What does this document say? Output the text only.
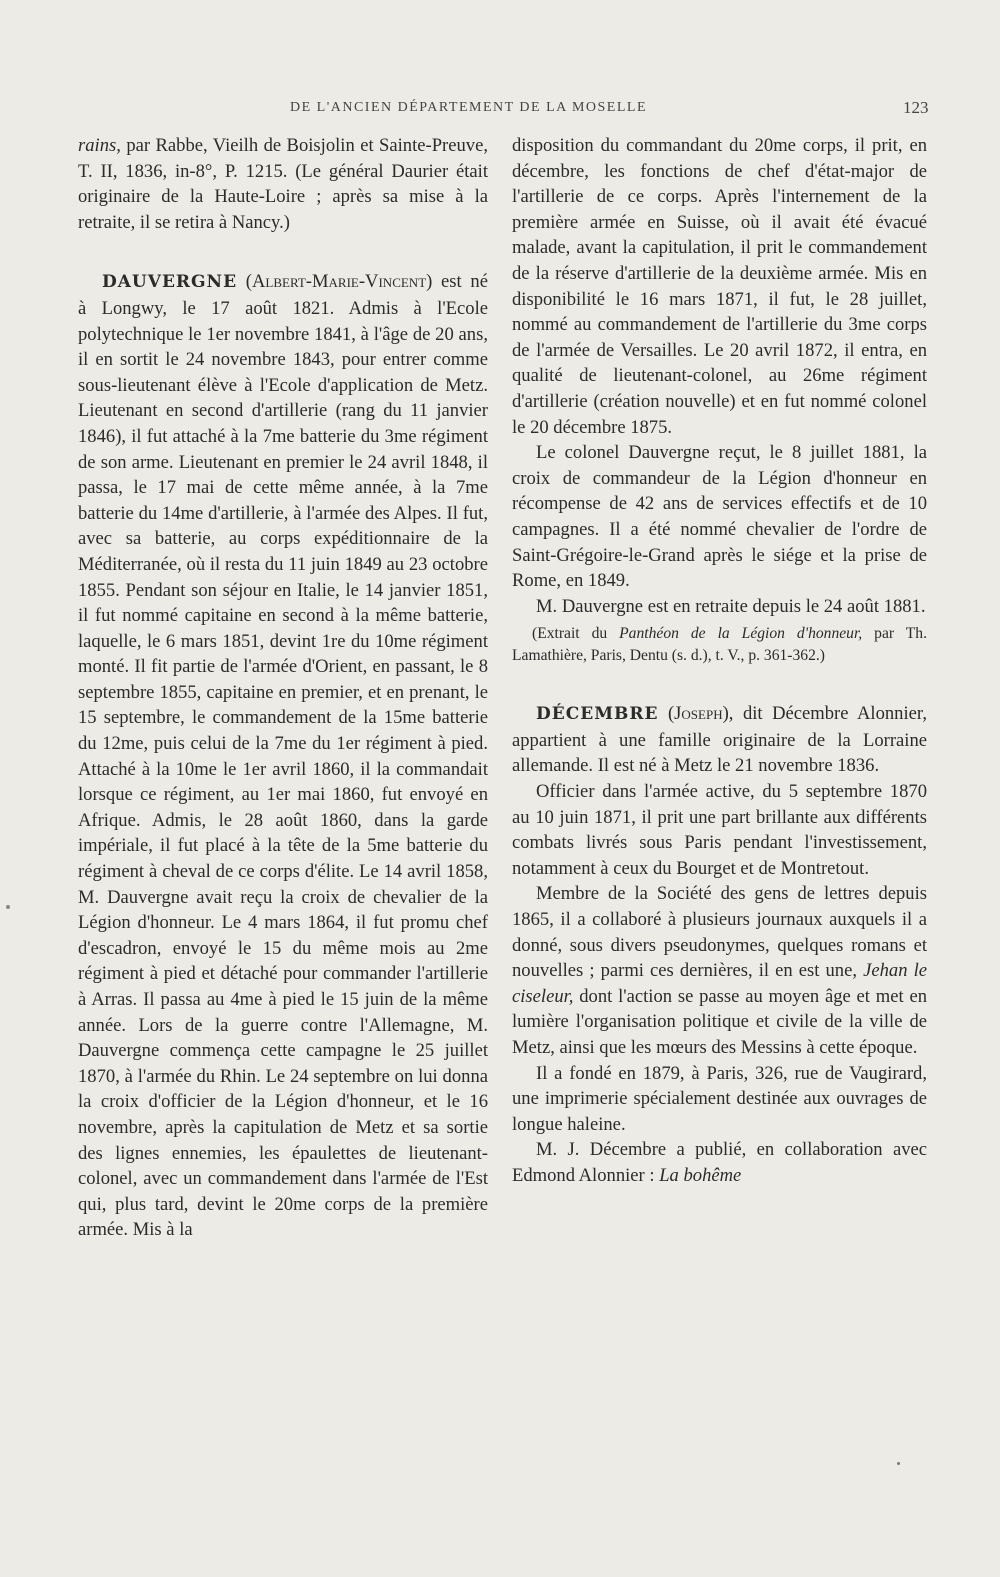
DE L'ANCIEN DÉPARTEMENT DE LA MOSELLE	123

rains, par Rabbe, Vieilh de Boisjolin et Sainte-Preuve, T. II, 1836, in-8°, P. 1215. (Le général Daurier était originaire de la Haute-Loire ; après sa mise à la retraite, il se retira à Nancy.)

DAUVERGNE (Albert-Marie-Vincent) est né à Longwy, le 17 août 1821. Admis à l'Ecole polytechnique le 1er novembre 1841, à l'âge de 20 ans, il en sortit le 24 novembre 1843, pour entrer comme sous-lieutenant élève à l'Ecole d'application de Metz. Lieutenant en second d'artillerie (rang du 11 janvier 1846), il fut attaché à la 7me batterie du 3me régiment de son arme. Lieutenant en premier le 24 avril 1848, il passa, le 17 mai de cette même année, à la 7me batterie du 14me d'artillerie, à l'armée des Alpes. Il fut, avec sa batterie, au corps expéditionnaire de la Méditerranée, où il resta du 11 juin 1849 au 23 octobre 1855. Pendant son séjour en Italie, le 14 janvier 1851, il fut nommé capitaine en second à la même batterie, laquelle, le 6 mars 1851, devint 1re du 10me régiment monté. Il fit partie de l'armée d'Orient, en passant, le 8 septembre 1855, capitaine en premier, et en prenant, le 15 septembre, le commandement de la 15me batterie du 12me, puis celui de la 7me du 1er régiment à pied. Attaché à la 10me le 1er avril 1860, il la commandait lorsque ce régiment, au 1er mai 1860, fut envoyé en Afrique. Admis, le 28 août 1860, dans la garde impériale, il fut placé à la tête de la 5me batterie du régiment à cheval de ce corps d'élite. Le 14 avril 1858, M. Dauvergne avait reçu la croix de chevalier de la Légion d'honneur. Le 4 mars 1864, il fut promu chef d'escadron, envoyé le 15 du même mois au 2me régiment à pied et détaché pour commander l'artillerie à Arras. Il passa au 4me à pied le 15 juin de la même année. Lors de la guerre contre l'Allemagne, M. Dauvergne commença cette campagne le 25 juillet 1870, à l'armée du Rhin. Le 24 septembre on lui donna la croix d'officier de la Légion d'honneur, et le 16 novembre, après la capitulation de Metz et sa sortie des lignes ennemies, les épaulettes de lieutenant-colonel, avec un commandement dans l'armée de l'Est qui, plus tard, devint le 20me corps de la première armée. Mis à la

disposition du commandant du 20me corps, il prit, en décembre, les fonctions de chef d'état-major de l'artillerie de ce corps. Après l'internement de la première armée en Suisse, où il avait été évacué malade, avant la capitulation, il prit le commandement de la réserve d'artillerie de la deuxième armée. Mis en disponibilité le 16 mars 1871, il fut, le 28 juillet, nommé au commandement de l'artillerie du 3me corps de l'armée de Versailles. Le 20 avril 1872, il entra, en qualité de lieutenant-colonel, au 26me régiment d'artillerie (création nouvelle) et en fut nommé colonel le 20 décembre 1875.

Le colonel Dauvergne reçut, le 8 juillet 1881, la croix de commandeur de la Légion d'honneur en récompense de 42 ans de services effectifs et de 10 campagnes. Il a été nommé chevalier de l'ordre de Saint-Grégoire-le-Grand après le siége et la prise de Rome, en 1849.

M. Dauvergne est en retraite depuis le 24 août 1881.

(Extrait du Panthéon de la Légion d'honneur, par Th. Lamathière, Paris, Dentu (s. d.), t. V., p. 361-362.)

DÉCEMBRE (Joseph), dit Décembre Alonnier, appartient à une famille originaire de la Lorraine allemande. Il est né à Metz le 21 novembre 1836.

Officier dans l'armée active, du 5 septembre 1870 au 10 juin 1871, il prit une part brillante aux différents combats livrés sous Paris pendant l'investissement, notamment à ceux du Bourget et de Montretout.

Membre de la Société des gens de lettres depuis 1865, il a collaboré à plusieurs journaux auxquels il a donné, sous divers pseudonymes, quelques romans et nouvelles ; parmi ces dernières, il en est une, Jehan le ciseleur, dont l'action se passe au moyen âge et met en lumière l'organisation politique et civile de la ville de Metz, ainsi que les mœurs des Messins à cette époque.

Il a fondé en 1879, à Paris, 326, rue de Vaugirard, une imprimerie spécialement destinée aux ouvrages de longue haleine.

M. J. Décembre a publié, en collaboration avec Edmond Alonnier : La bohême
